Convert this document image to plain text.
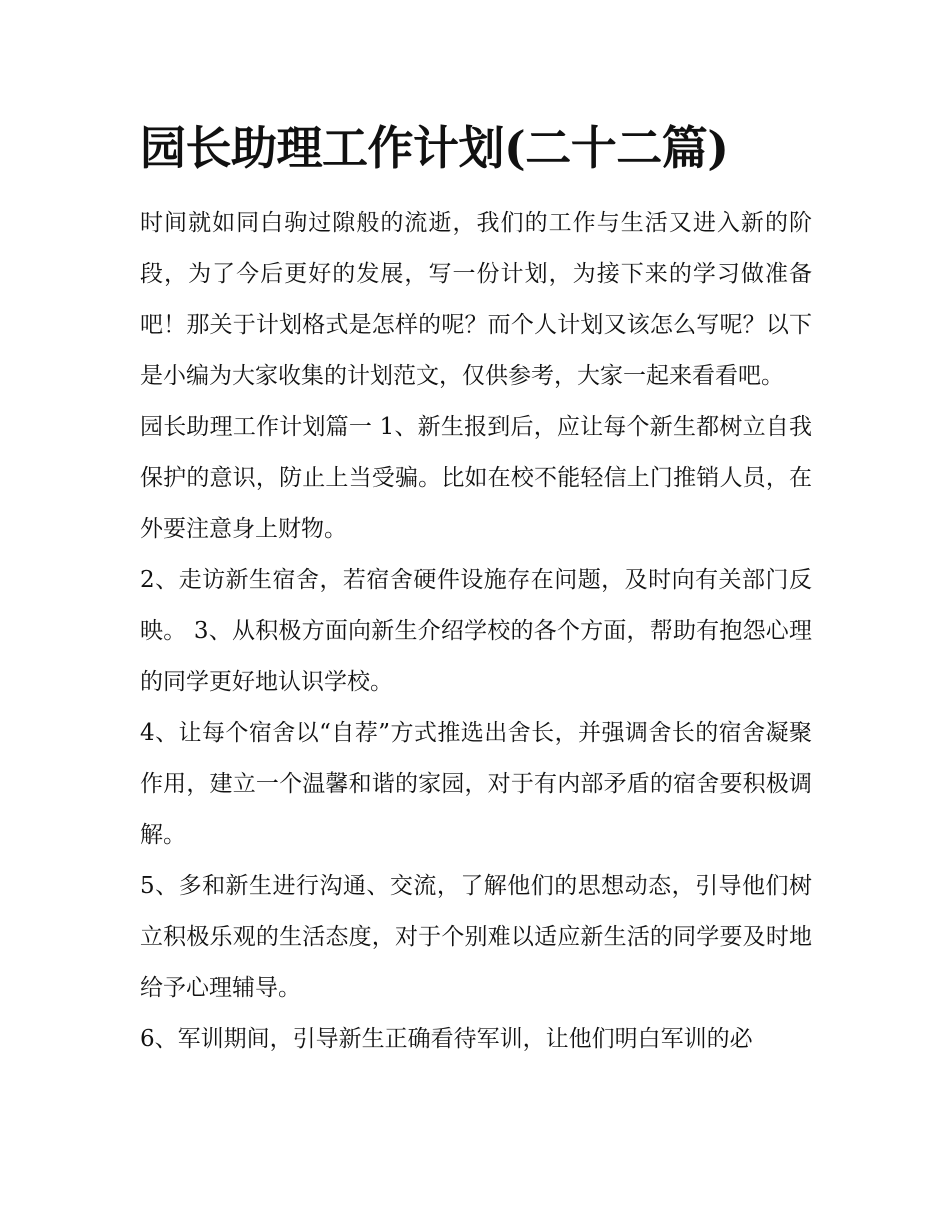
园长助理工作计划(二十二篇)

时间就如同白驹过隙般的流逝，我们的工作与生活又进入新的阶段，为了今后更好的发展，写一份计划，为接下来的学习做准备吧！那关于计划格式是怎样的呢？而个人计划又该怎么写呢？以下是小编为大家收集的计划范文，仅供参考，大家一起来看看吧。

园长助理工作计划篇一 1、新生报到后，应让每个新生都树立自我保护的意识，防止上当受骗。比如在校不能轻信上门推销人员，在外要注意身上财物。

2、走访新生宿舍，若宿舍硬件设施存在问题，及时向有关部门反映。 3、从积极方面向新生介绍学校的各个方面，帮助有抱怨心理的同学更好地认识学校。

4、让每个宿舍以“自荐”方式推选出舍长，并强调舍长的宿舍凝聚作用，建立一个温馨和谐的家园，对于有内部矛盾的宿舍要积极调解。

5、多和新生进行沟通、交流，了解他们的思想动态，引导他们树立积极乐观的生活态度，对于个别难以适应新生活的同学要及时地给予心理辅导。

6、军训期间，引导新生正确看待军训，让他们明白军训的必
